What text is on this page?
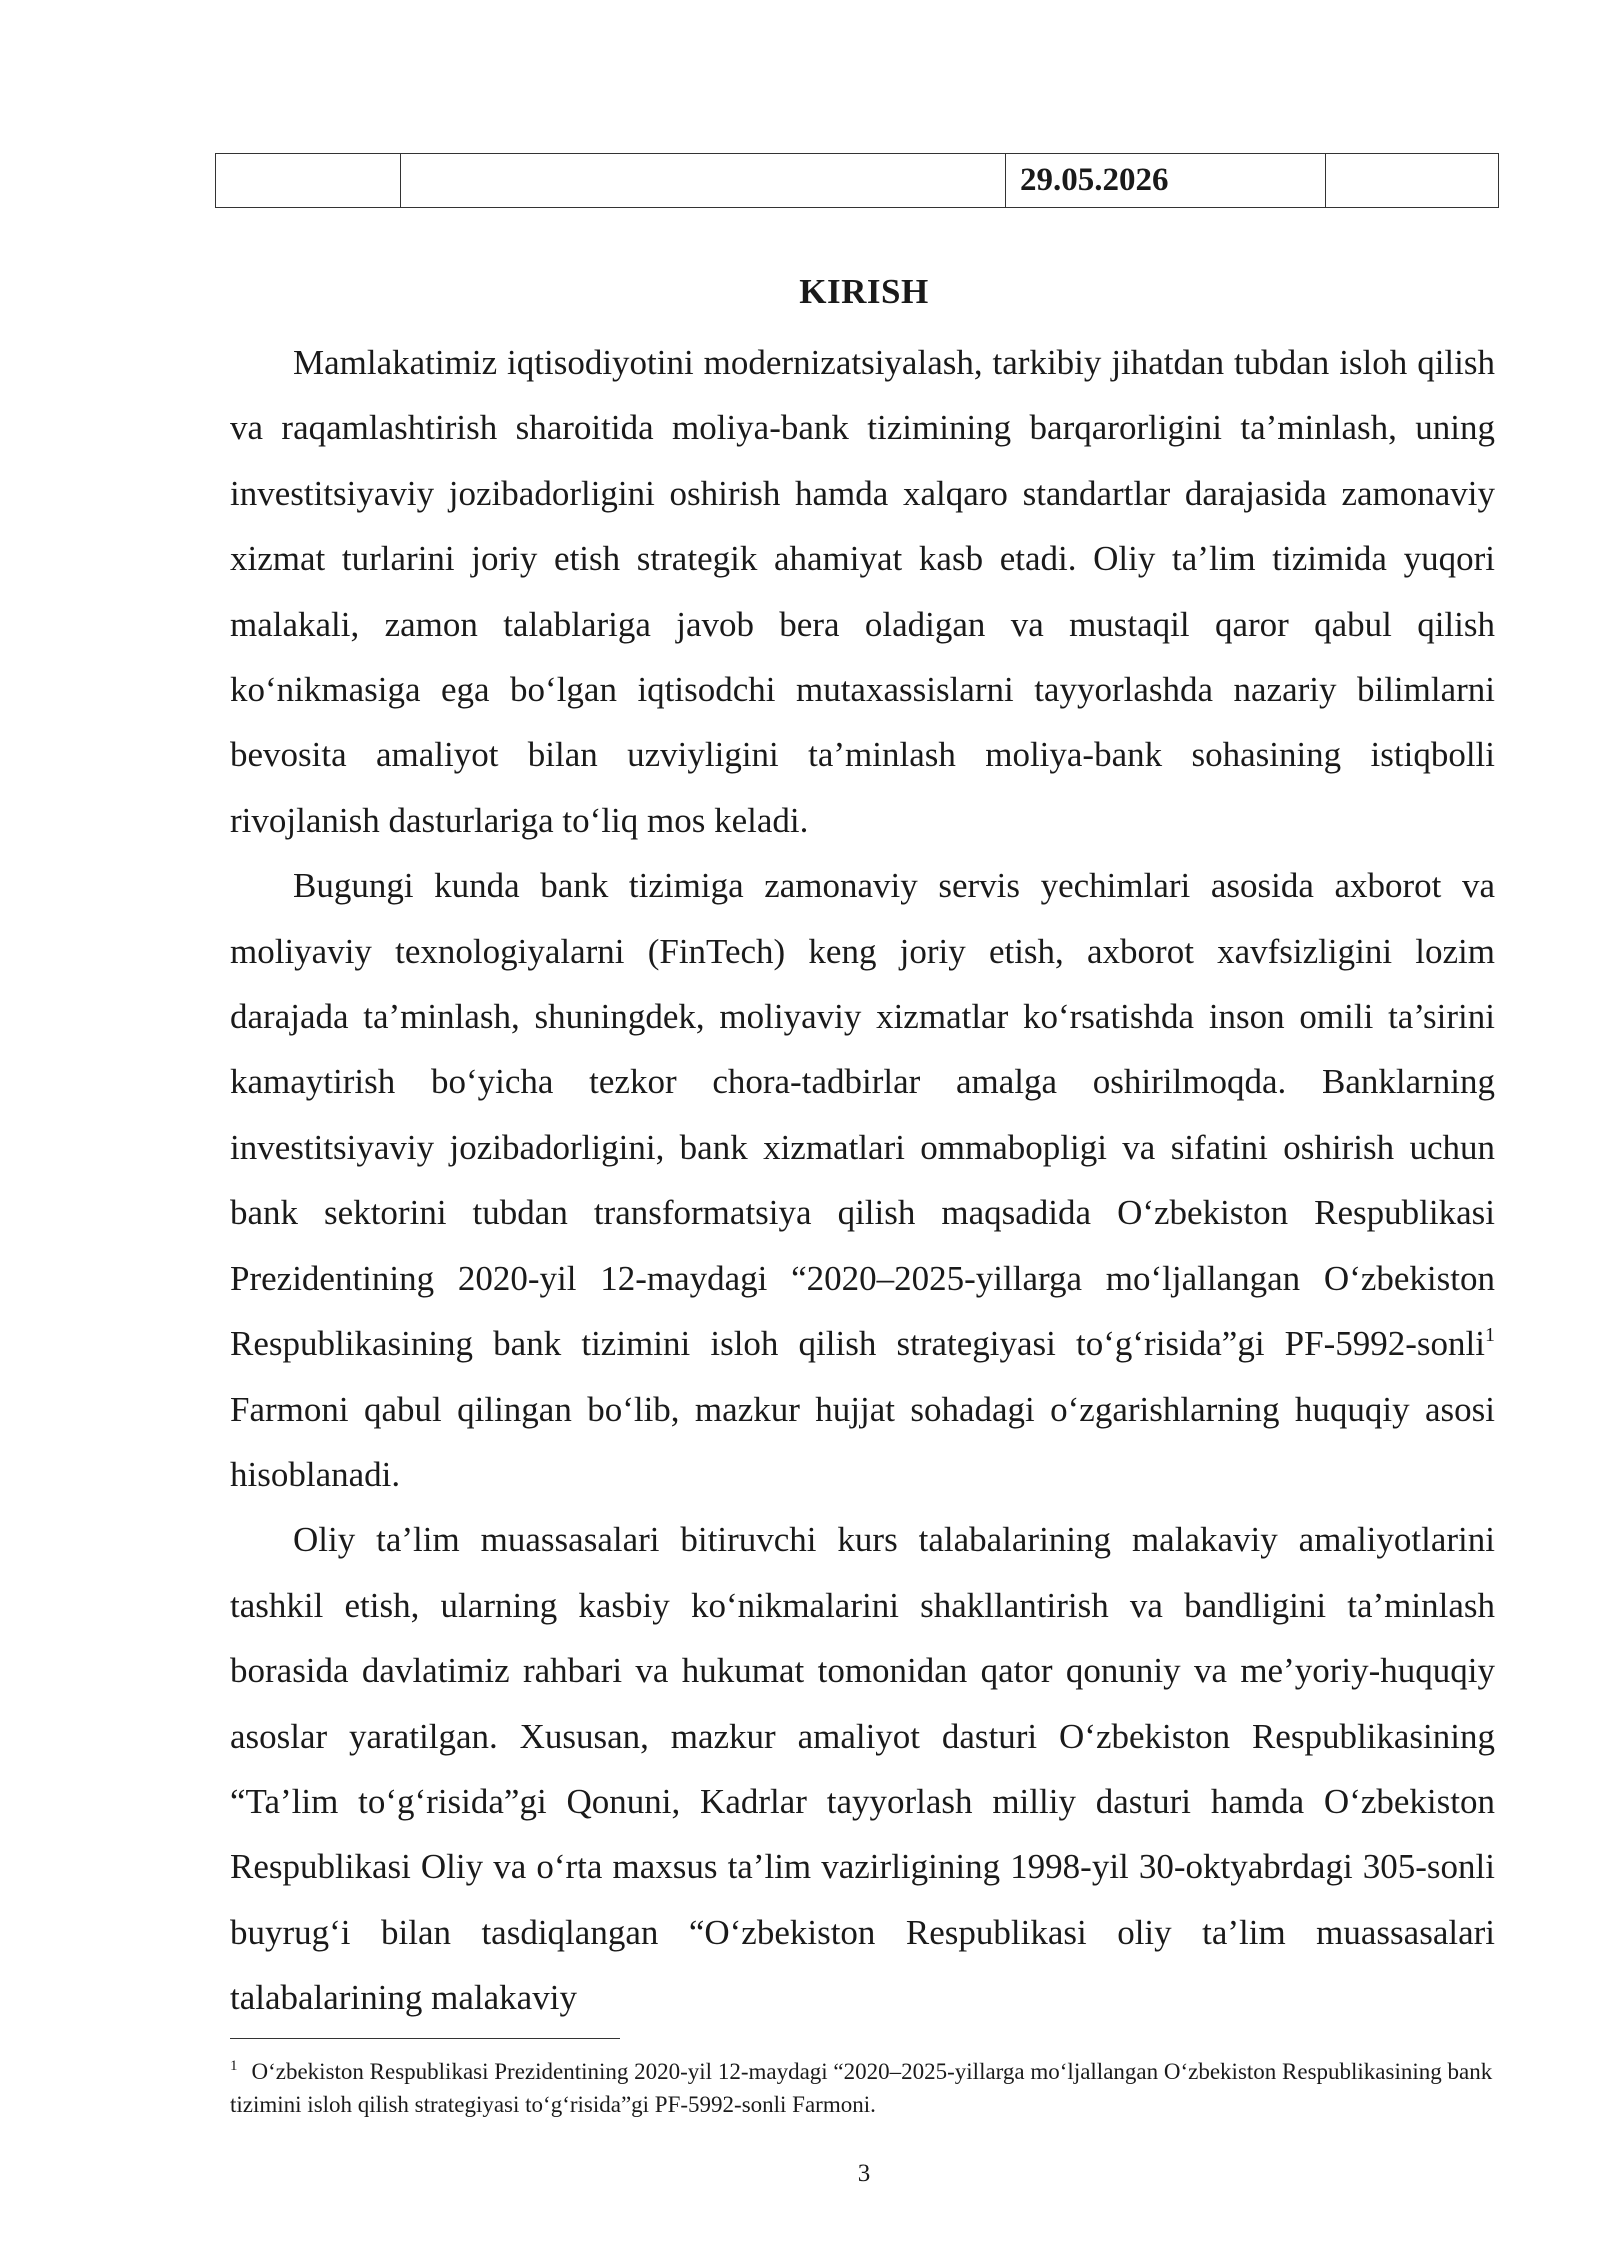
		29.05.2026	
KIRISH

Mamlakatimiz iqtisodiyotini modernizatsiyalash, tarkibiy jihatdan tubdan isloh qilish va raqamlashtirish sharoitida moliya-bank tizimining barqarorligini ta’minlash, uning investitsiyaviy jozibadorligini oshirish hamda xalqaro standartlar darajasida zamonaviy xizmat turlarini joriy etish strategik ahamiyat kasb etadi. Oliy ta’lim tizimida yuqori malakali, zamon talablariga javob bera oladigan va mustaqil qaror qabul qilish ko‘nikmasiga ega bo‘lgan iqtisodchi mutaxassislarni tayyorlashda nazariy bilimlarni bevosita amaliyot bilan uzviyligini ta’minlash moliya-bank sohasining istiqbolli rivojlanish dasturlariga to‘liq mos keladi.

Bugungi kunda bank tizimiga zamonaviy servis yechimlari asosida axborot va moliyaviy texnologiyalarni (FinTech) keng joriy etish, axborot xavfsizligini lozim darajada ta’minlash, shuningdek, moliyaviy xizmatlar ko‘rsatishda inson omili ta’sirini kamaytirish bo‘yicha tezkor chora-tadbirlar amalga oshirilmoqda. Banklarning investitsiyaviy jozibadorligini, bank xizmatlari ommabopligi va sifatini oshirish uchun bank sektorini tubdan transformatsiya qilish maqsadida O‘zbekiston Respublikasi Prezidentining 2020-yil 12-maydagi “2020–2025-yillarga mo‘ljallangan O‘zbekiston Respublikasining bank tizimini isloh qilish strategiyasi to‘g‘risida”gi PF-5992-sonli$^1$ Farmoni qabul qilingan bo‘lib, mazkur hujjat sohadagi o‘zgarishlarning huquqiy asosi hisoblanadi.

Oliy ta’lim muassasalari bitiruvchi kurs talabalarining malakaviy amaliyotlarini tashkil etish, ularning kasbiy ko‘nikmalarini shakllantirish va bandligini ta’minlash borasida davlatimiz rahbari va hukumat tomonidan qator qonuniy va me’yoriy-huquqiy asoslar yaratilgan. Xususan, mazkur amaliyot dasturi O‘zbekiston Respublikasining “Ta’lim to‘g‘risida”gi Qonuni, Kadrlar tayyorlash milliy dasturi hamda O‘zbekiston Respublikasi Oliy va o‘rta maxsus ta’lim vazirligining 1998-yil 30-oktyabrdagi 305-sonli buyrug‘i bilan tasdiqlangan “O‘zbekiston Respublikasi oliy ta’lim muassasalari talabalarining malakaviy

$^1$ O‘zbekiston Respublikasi Prezidentining 2020-yil 12-maydagi “2020–2025-yillarga mo‘ljallangan O‘zbekiston Respublikasining bank tizimini isloh qilish strategiyasi to‘g‘risida”gi PF-5992-sonli Farmoni.
3
